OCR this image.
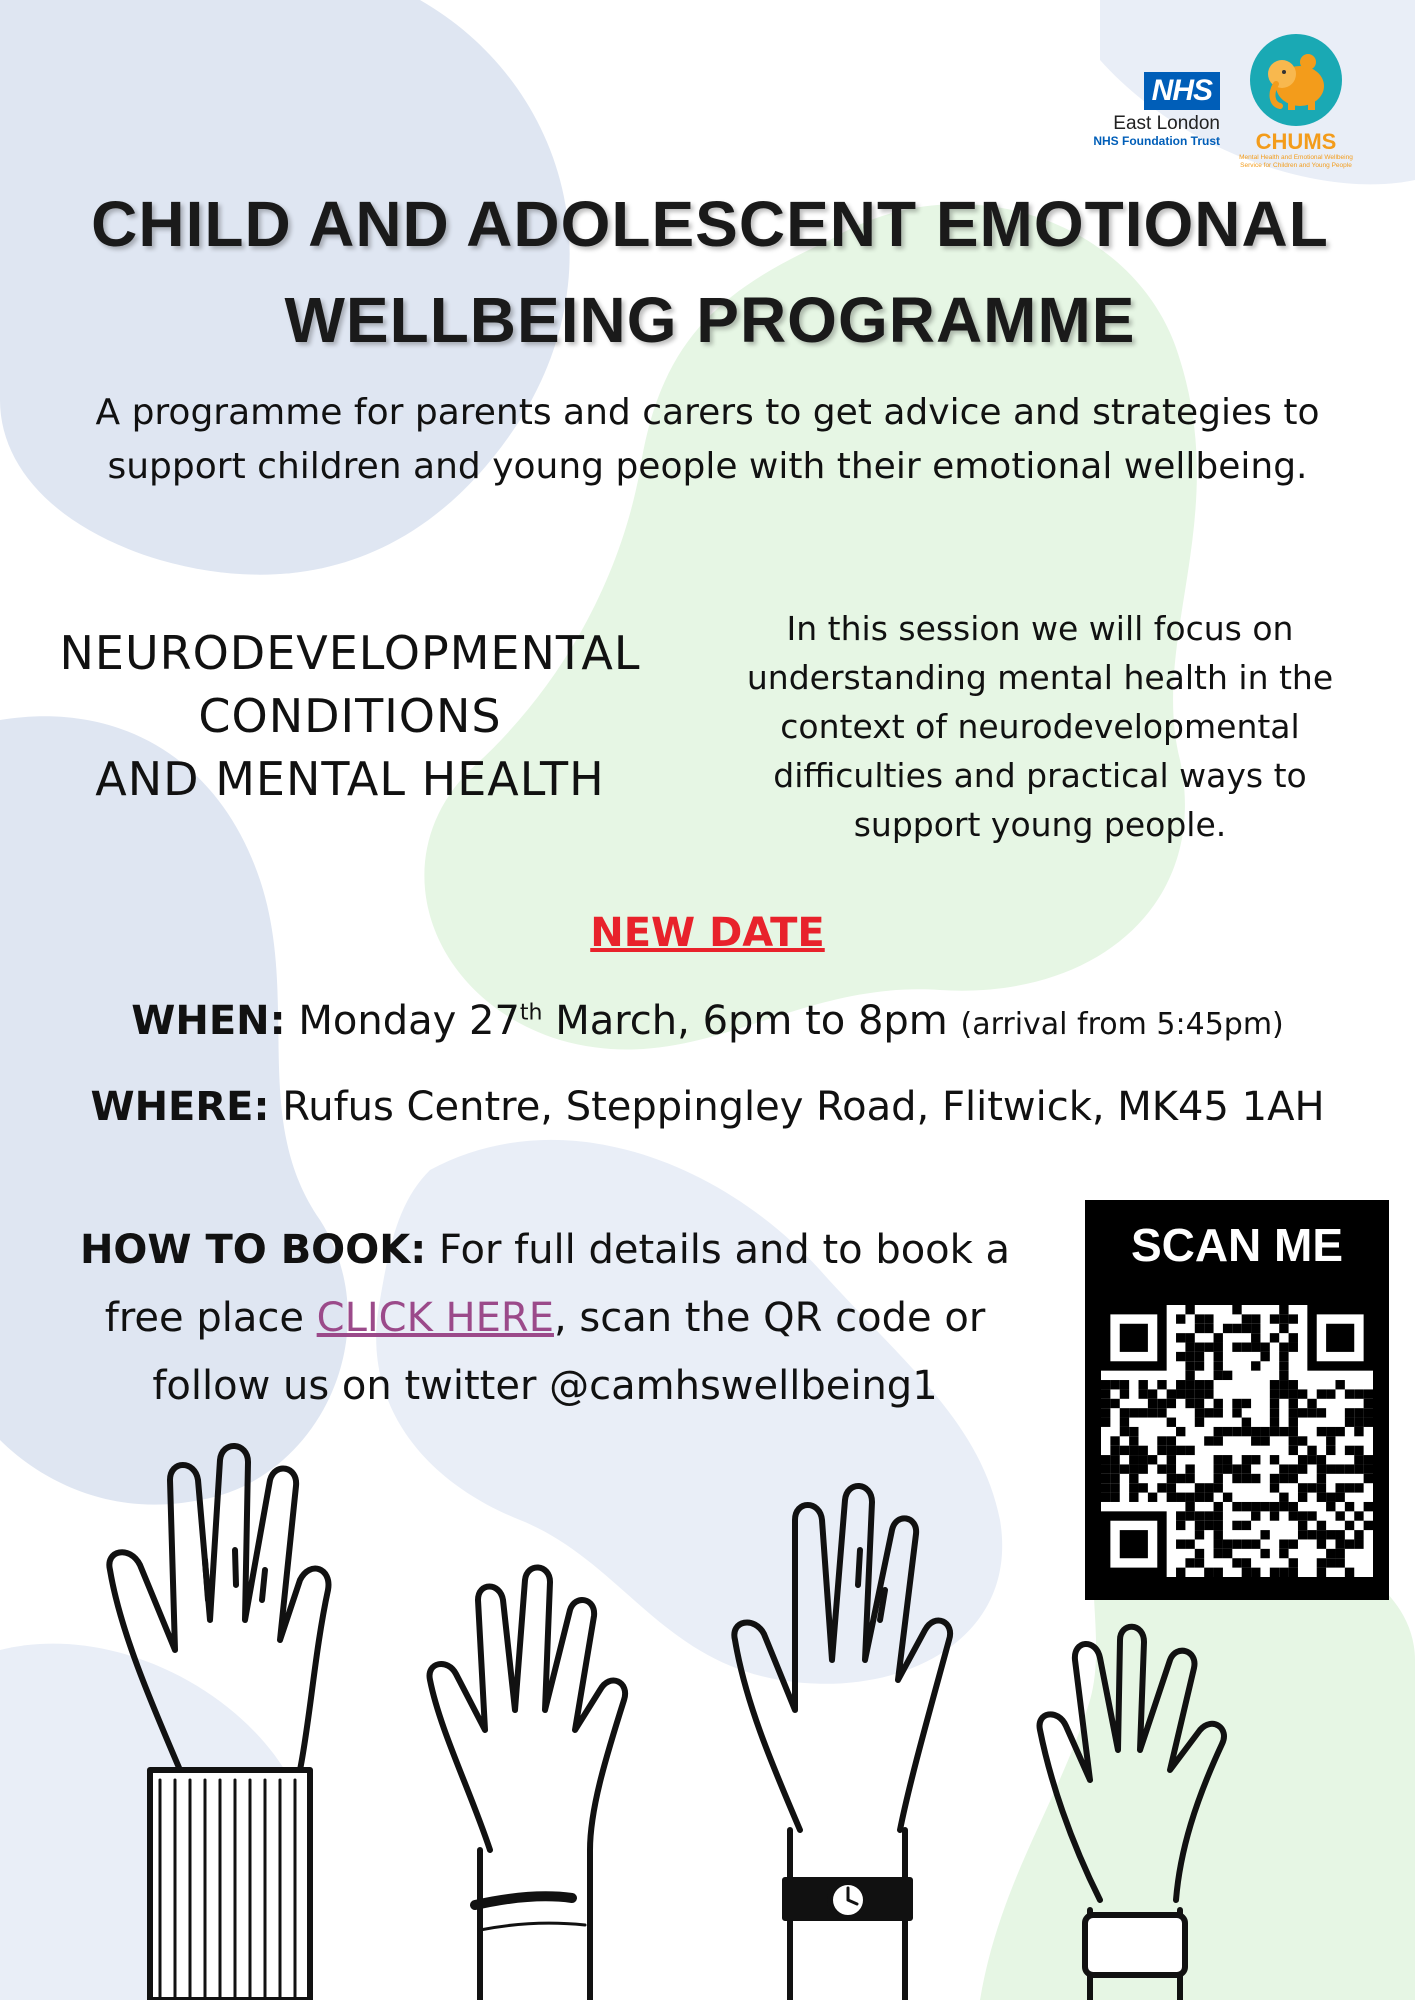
NHS
East London
NHS Foundation Trust	CHUMS
Mental Health and Emotional Wellbeing Service for Children and Young People
CHILD AND ADOLESCENT EMOTIONAL
WELLBEING PROGRAMME
A programme for parents and carers to get advice and strategies to
support children and young people with their emotional wellbeing.
NEURODEVELOPMENTAL
CONDITIONS
AND MENTAL HEALTH
In this session we will focus on
understanding mental health in the
context of neurodevelopmental
difficulties and practical ways to
support young people.
NEW DATE
WHEN: Monday 27th March, 6pm to 8pm (arrival from 5:45pm)
WHERE: Rufus Centre, Steppingley Road, Flitwick, MK45 1AH
HOW TO BOOK: For full details and to book a
free place CLICK HERE, scan the QR code or
follow us on twitter @camhswellbeing1
SCAN ME
